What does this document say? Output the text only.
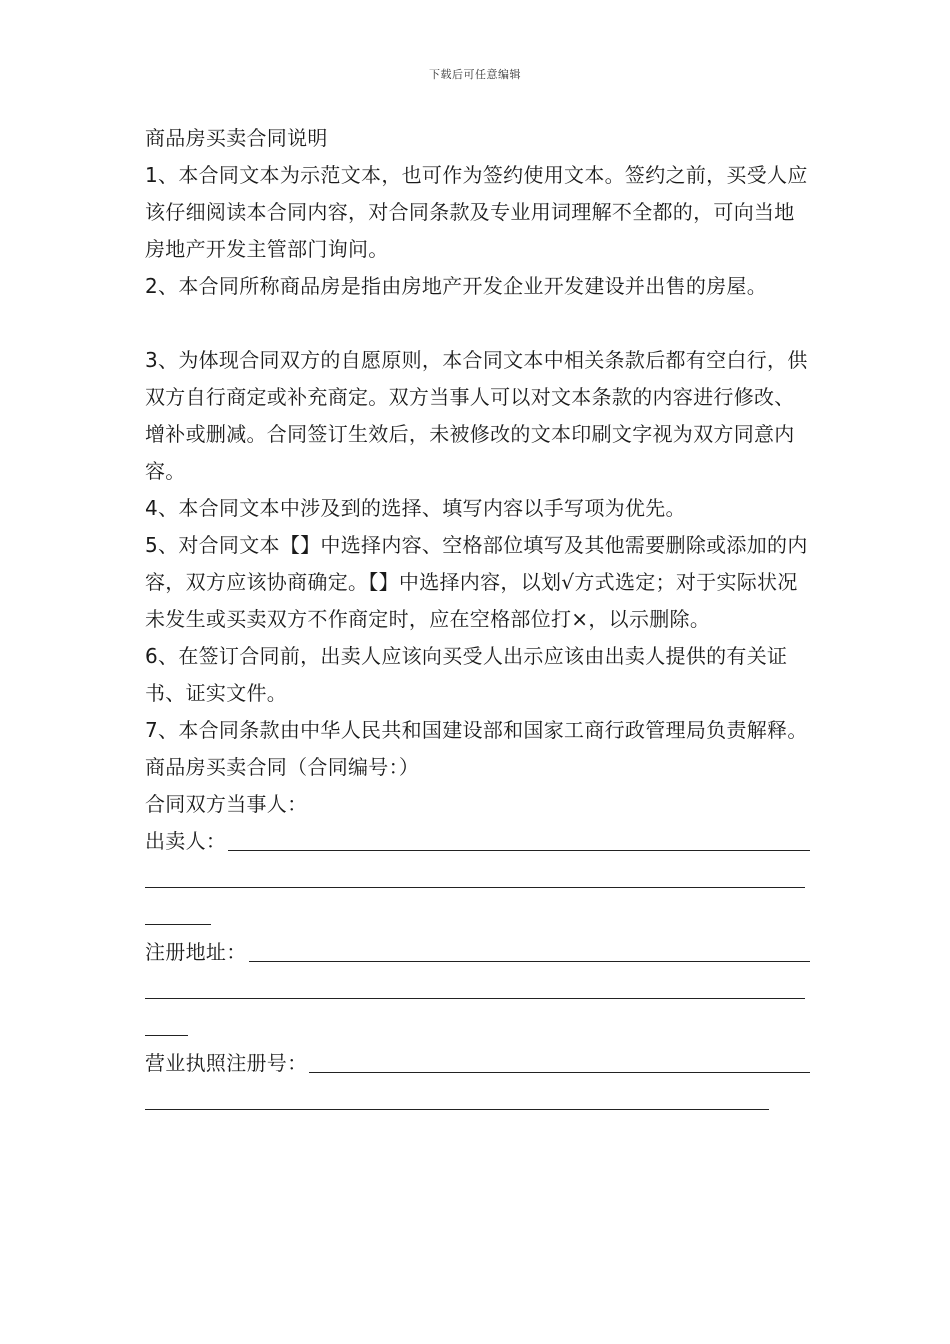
下载后可任意编辑

商品房买卖合同说明

1、本合同文本为示范文本，也可作为签约使用文本。签约之前，买受人应该仔细阅读本合同内容，对合同条款及专业用词理解不全都的，可向当地房地产开发主管部门询问。

2、本合同所称商品房是指由房地产开发企业开发建设并出售的房屋。

3、为体现合同双方的自愿原则，本合同文本中相关条款后都有空白行，供双方自行商定或补充商定。双方当事人可以对文本条款的内容进行修改、增补或删减。合同签订生效后，未被修改的文本印刷文字视为双方同意内容。

4、本合同文本中涉及到的选择、填写内容以手写项为优先。

5、对合同文本【】中选择内容、空格部位填写及其他需要删除或添加的内容，双方应该协商确定。【】中选择内容，以划√方式选定；对于实际状况未发生或买卖双方不作商定时，应在空格部位打×，以示删除。

6、在签订合同前，出卖人应该向买受人出示应该由出卖人提供的有关证书、证实文件。

7、本合同条款由中华人民共和国建设部和国家工商行政管理局负责解释。

商品房买卖合同（合同编号：）

合同双方当事人：

出卖人：
注册地址：
营业执照注册号：
